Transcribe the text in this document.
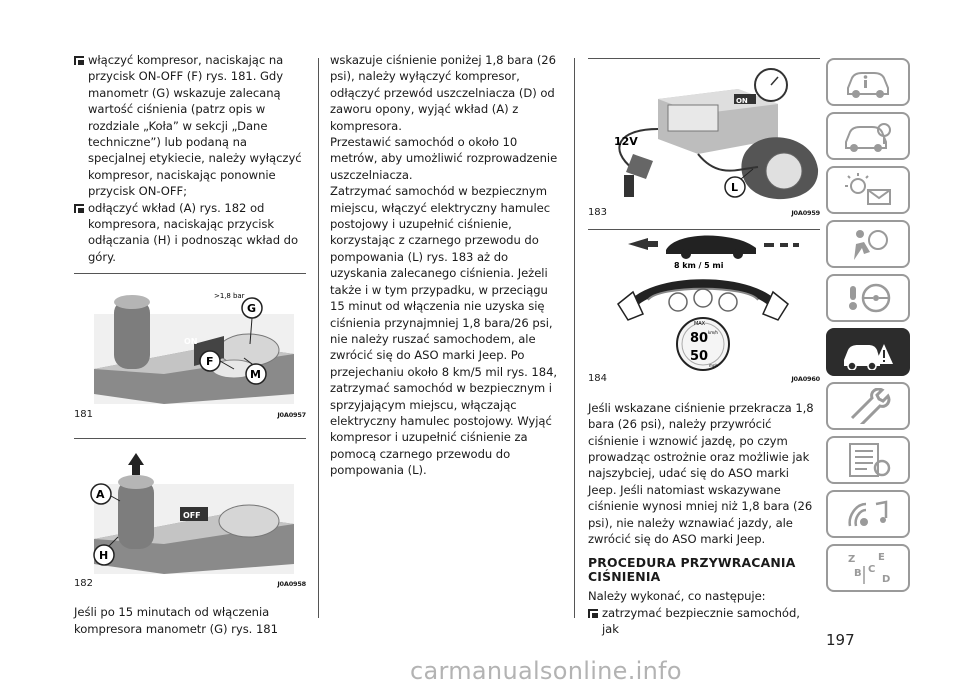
włączyć kompresor, naciskając na przycisk ON-OFF (F) rys. 181. Gdy manometr (G) wskazuje zalecaną wartość ciśnienia (patrz opis w rozdziale „Koła” w sekcji „Dane techniczne”) lub podaną na specjalnej etykiecie, należy wyłączyć kompresor, naciskając ponownie przycisk ON-OFF;

odłączyć wkład (A) rys. 182 od kompresora, naciskając przycisk odłączania (H) i podnosząc wkład do góry.

>1,8 bar
G
ON
F
M
181	J0A0957
A
OFF
H
182	J0A0958

Jeśli po 15 minutach od włączenia kompresora manometr (G) rys. 181

wskazuje ciśnienie poniżej 1,8 bara (26 psi), należy wyłączyć kompresor, odłączyć przewód uszczelniacza (D) od zaworu opony, wyjąć wkład (A) z kompresora.

Przestawić samochód o około 10 metrów, aby umożliwić rozprowadzenie uszczelniacza.

Zatrzymać samochód w bezpiecznym miejscu, włączyć elektryczny hamulec postojowy i uzupełnić ciśnienie, korzystając z czarnego przewodu do pompowania (L) rys. 183 aż do uzyskania zalecanego ciśnienia. Jeżeli także i w tym przypadku, w przeciągu 15 minut od włączenia nie uzyska się ciśnienia przynajmniej 1,8 bara/26 psi, nie należy ruszać samochodem, ale zwrócić się do ASO marki Jeep. Po przejechaniu około 8 km/5 mil rys. 184, zatrzymać samochód w bezpiecznym i sprzyjającym miejscu, włączając elektryczny hamulec postojowy. Wyjąć kompresor i uzupełnić ciśnienie za pomocą czarnego przewodu do pompowania (L).

12V
ON
L
183	J0A0959
8 km / 5 mi
MAX
80
50
km/h
mph
184	J0A0960

Jeśli wskazane ciśnienie przekracza 1,8 bara (26 psi), należy przywrócić ciśnienie i wznowić jazdę, po czym prowadząc ostrożnie oraz możliwie jak najszybciej, udać się do ASO marki Jeep. Jeśli natomiast wskazywane ciśnienie wynosi mniej niż 1,8 bara (26 psi), nie należy wznawiać jazdy, ale zwrócić się do ASO marki Jeep.

PROCEDURA PRZYWRACANIA CIŚNIENIA

Należy wykonać, co następuje:

zatrzymać bezpiecznie samochód, jak

Z E
B C
D
197
carmanualsonline.info
